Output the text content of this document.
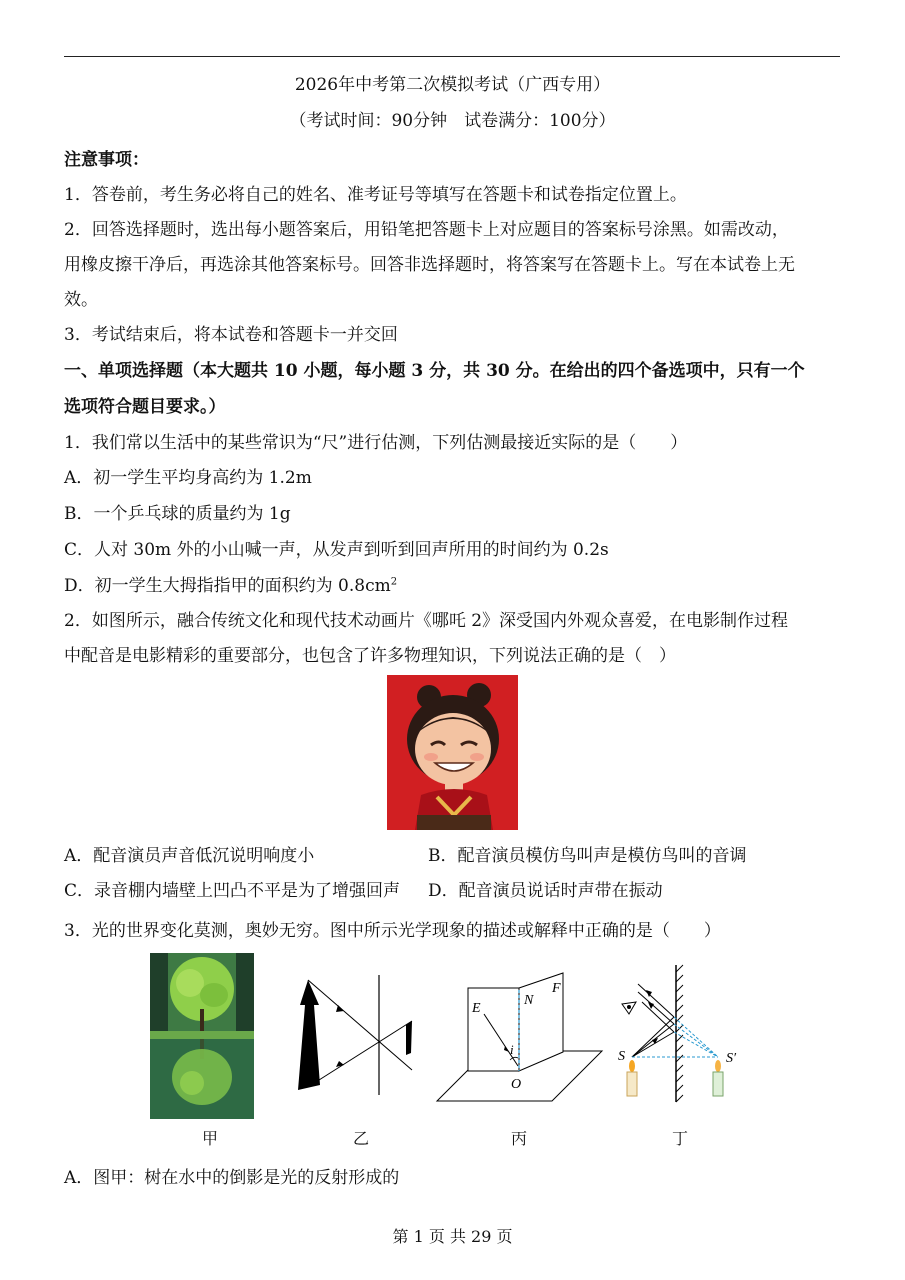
2026年中考第二次模拟考试（广西专用）
（考试时间：90分钟　试卷满分：100分）
注意事项：
1．答卷前，考生务必将自己的姓名、准考证号等填写在答题卡和试卷指定位置上。
2．回答选择题时，选出每小题答案后，用铅笔把答题卡上对应题目的答案标号涂黑。如需改动，
用橡皮擦干净后，再选涂其他答案标号。回答非选择题时，将答案写在答题卡上。写在本试卷上无
效。
3．考试结束后，将本试卷和答题卡一并交回
一、单项选择题（本大题共 10 小题，每小题 3 分，共 30 分。在给出的四个备选项中，只有一个
选项符合题目要求。）
1．我们常以生活中的某些常识为“尺”进行估测，下列估测最接近实际的是（　　）
A．初一学生平均身高约为 1.2m
B．一个乒乓球的质量约为 1g
C．人对 30m 外的小山喊一声，从发声到听到回声所用的时间约为 0.2s
D．初一学生大拇指指甲的面积约为 $0.8cm^2$
2．如图所示，融合传统文化和现代技术动画片《哪吒 2》深受国内外观众喜爱，在电影制作过程
中配音是电影精彩的重要部分，也包含了许多物理知识，下列说法正确的是（　）
A．配音演员声音低沉说明响度小	B．配音演员模仿鸟叫声是模仿鸟叫的音调
C．录音棚内墙壁上凹凸不平是为了增强回声 D．配音演员说话时声带在振动
3．光的世界变化莫测，奥妙无穷。图中所示光学现象的描述或解释中正确的是（　　）
E
N
F
i
O
S	S′
甲	乙	丙	丁
A．图甲：树在水中的倒影是光的反射形成的
第 1 页 共 29 页
